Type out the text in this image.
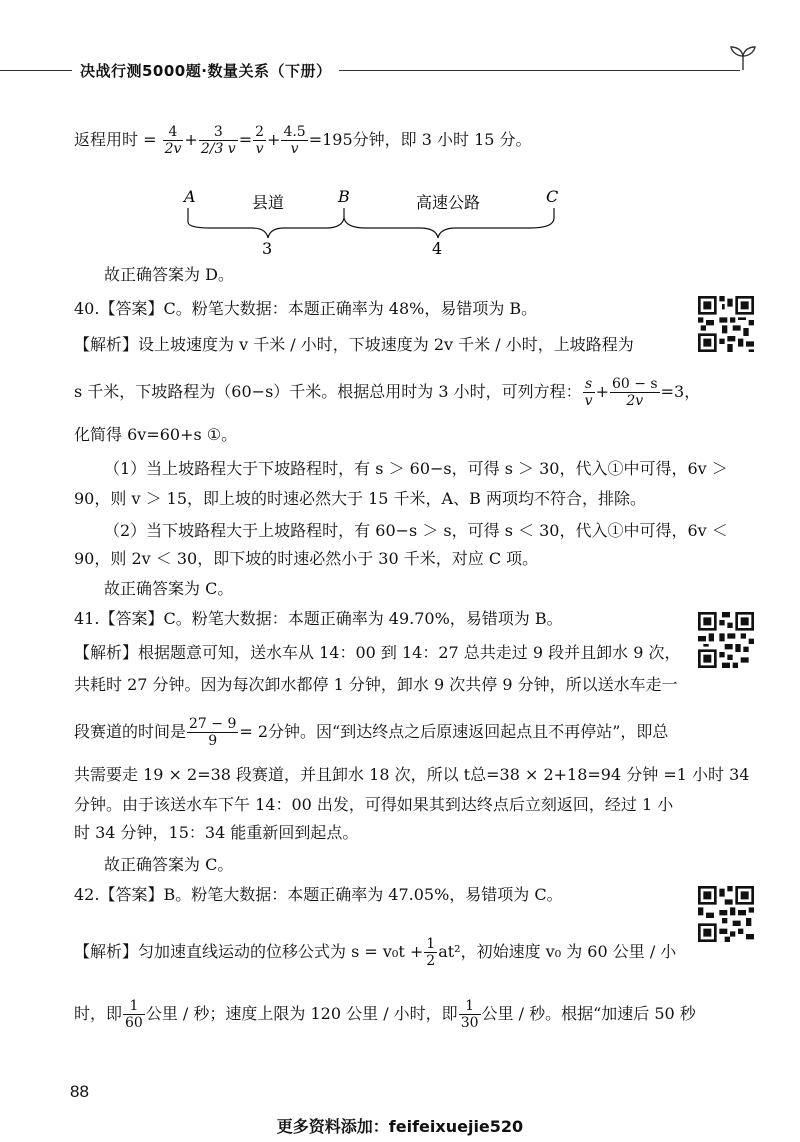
决战行测5000题·数量关系（下册）
返程用时 = $\frac{4}{2v} + \frac{3}{2/3 v} = \frac{2}{v} + \frac{4.5}{v} =195$分钟，即 3 小时 15 分。
A	县道	B	高速公路	C
3	4
故正确答案为 D。
40.【答案】C。粉笔大数据：本题正确率为 48%，易错项为 B。
【解析】设上坡速度为 v 千米 / 小时，下坡速度为 2v 千米 / 小时，上坡路程为
s 千米，下坡路程为（60−s）千米。根据总用时为 3 小时，可列方程： $\frac{s}{v} + \frac{60 - s}{2v} =3$，
化简得 6v=60+s ①。
（1）当上坡路程大于下坡路程时，有 s ＞ 60−s，可得 s ＞ 30，代入①中可得，6v ＞
90，则 v ＞ 15，即上坡的时速必然大于 15 千米，A、B 两项均不符合，排除。
（2）当下坡路程大于上坡路程时，有 60−s ＞ s，可得 s ＜ 30，代入①中可得，6v ＜
90，则 2v ＜ 30，即下坡的时速必然小于 30 千米，对应 C 项。
故正确答案为 C。
41.【答案】C。粉笔大数据：本题正确率为 49.70%，易错项为 B。
【解析】根据题意可知，送水车从 14：00 到 14：27 总共走过 9 段并且卸水 9 次，
共耗时 27 分钟。因为每次卸水都停 1 分钟，卸水 9 次共停 9 分钟，所以送水车走一
段赛道的时间是 $\frac{27 - 9}{9} = 2$分钟。因“到达终点之后原速返回起点且不再停站”，即总
共需要走 19 × 2=38 段赛道，并且卸水 18 次，所以 t总=38 × 2+18=94 分钟 =1 小时 34
分钟。由于该送水车下午 14：00 出发，可得如果其到达终点后立刻返回，经过 1 小
时 34 分钟，15：34 能重新回到起点。
故正确答案为 C。
42.【答案】B。粉笔大数据：本题正确率为 47.05%，易错项为 C。
【解析】匀加速直线运动的位移公式为 $s = v_0t + \frac{1}{2} at^2$，初始速度 v₀ 为 60 公里 / 小
时，即 $\frac{1}{60}$ 公里 / 秒；速度上限为 120 公里 / 小时，即 $\frac{1}{30}$ 公里 / 秒。根据“加速后 50 秒
88
更多资料添加：feifeixuejie520
